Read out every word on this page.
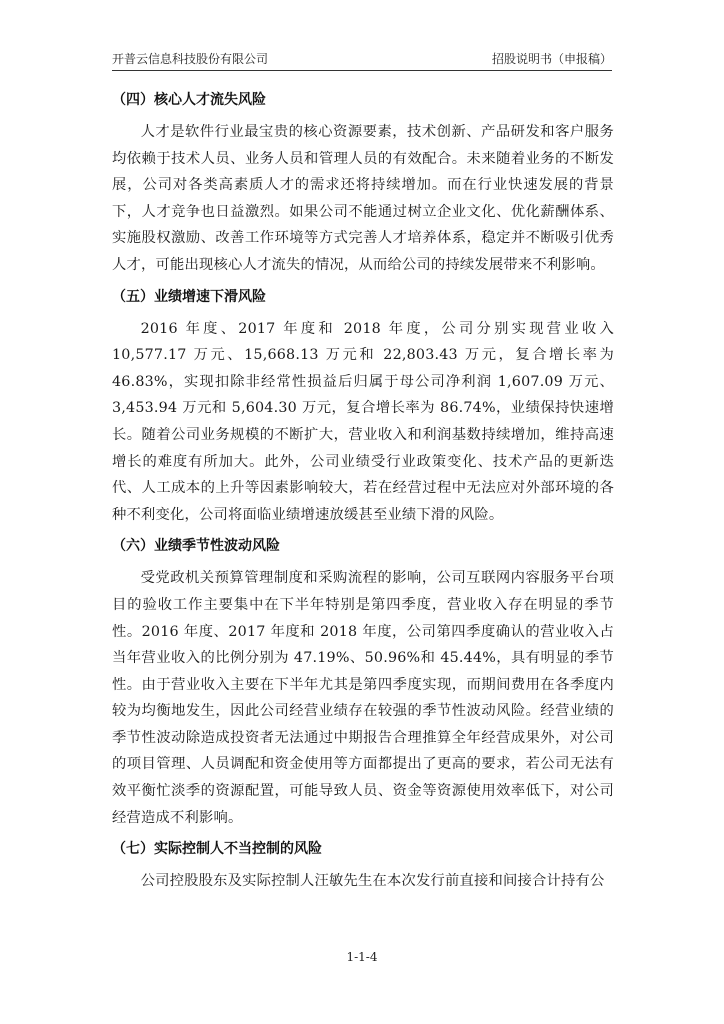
开普云信息科技股份有限公司	招股说明书（申报稿）
（四）核心人才流失风险

人才是软件行业最宝贵的核心资源要素，技术创新、产品研发和客户服务均依赖于技术人员、业务人员和管理人员的有效配合。未来随着业务的不断发展，公司对各类高素质人才的需求还将持续增加。而在行业快速发展的背景下，人才竞争也日益激烈。如果公司不能通过树立企业文化、优化薪酬体系、实施股权激励、改善工作环境等方式完善人才培养体系，稳定并不断吸引优秀人才，可能出现核心人才流失的情况，从而给公司的持续发展带来不利影响。

（五）业绩增速下滑风险

2016 年度、2017 年度和 2018 年度，公司分别实现营业收入 10,577.17 万元、15,668.13 万元和 22,803.43 万元，复合增长率为 46.83%，实现扣除非经常性损益后归属于母公司净利润 1,607.09 万元、3,453.94 万元和 5,604.30 万元，复合增长率为 86.74%，业绩保持快速增长。随着公司业务规模的不断扩大，营业收入和利润基数持续增加，维持高速增长的难度有所加大。此外，公司业绩受行业政策变化、技术产品的更新迭代、人工成本的上升等因素影响较大，若在经营过程中无法应对外部环境的各种不利变化，公司将面临业绩增速放缓甚至业绩下滑的风险。

（六）业绩季节性波动风险

受党政机关预算管理制度和采购流程的影响，公司互联网内容服务平台项目的验收工作主要集中在下半年特别是第四季度，营业收入存在明显的季节性。2016 年度、2017 年度和 2018 年度，公司第四季度确认的营业收入占当年营业收入的比例分别为 47.19%、50.96%和 45.44%，具有明显的季节性。由于营业收入主要在下半年尤其是第四季度实现，而期间费用在各季度内较为均衡地发生，因此公司经营业绩存在较强的季节性波动风险。经营业绩的季节性波动除造成投资者无法通过中期报告合理推算全年经营成果外，对公司的项目管理、人员调配和资金使用等方面都提出了更高的要求，若公司无法有效平衡忙淡季的资源配置，可能导致人员、资金等资源使用效率低下，对公司经营造成不利影响。

（七）实际控制人不当控制的风险

公司控股股东及实际控制人汪敏先生在本次发行前直接和间接合计持有公

1-1-4
